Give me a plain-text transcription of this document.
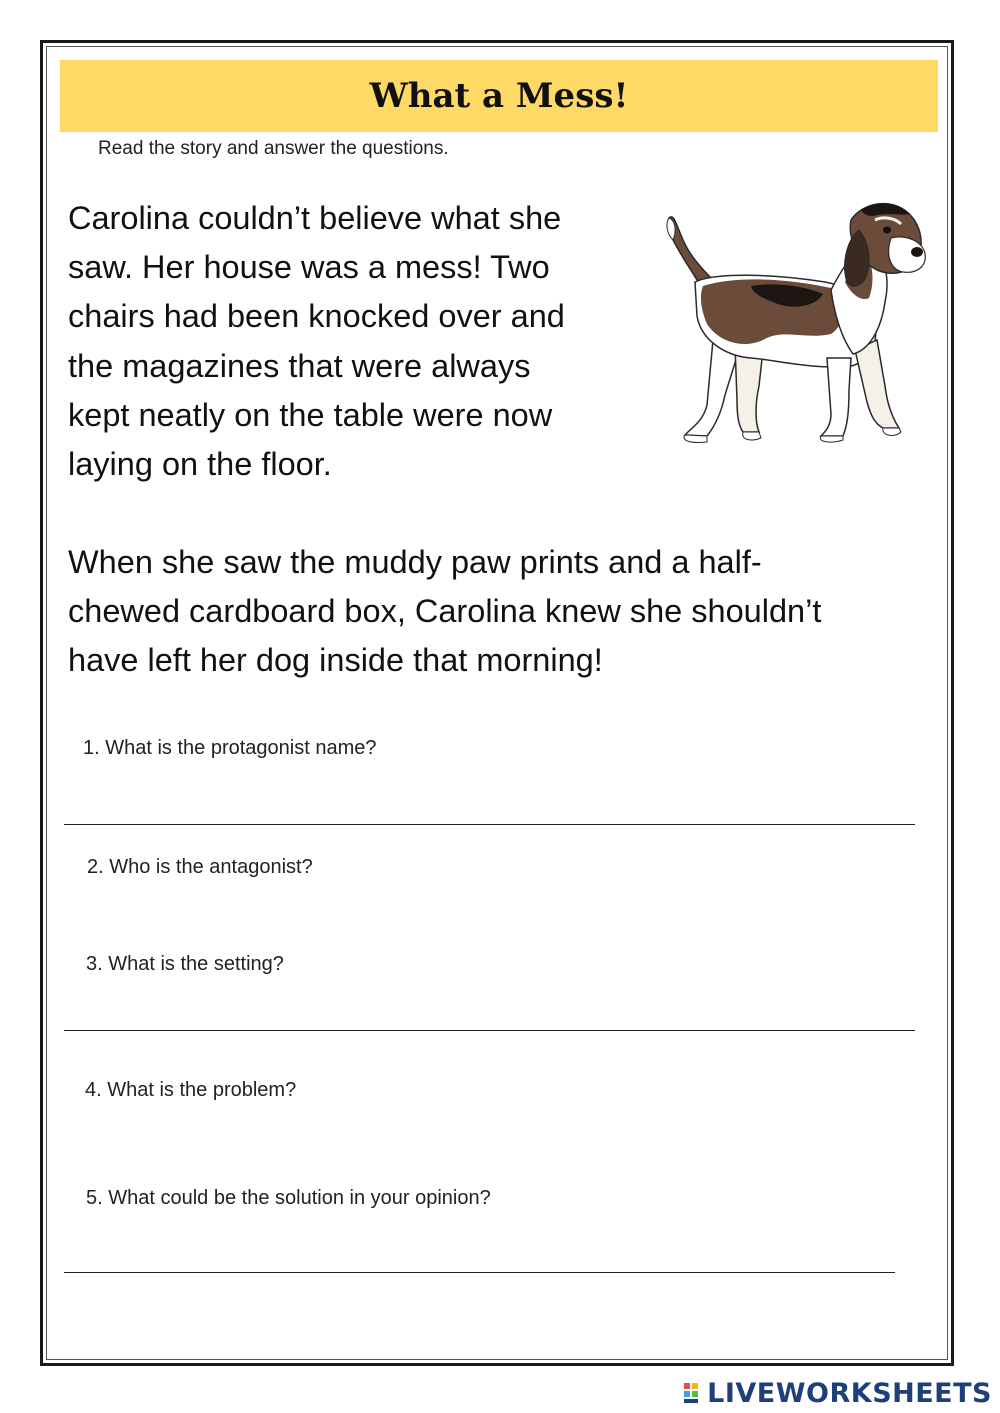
What a Mess!
Read the story and answer the questions.
Carolina couldn’t believe what she
saw. Her house was a mess! Two
chairs had been knocked over and
the magazines that were always
kept neatly on the table were now
laying on the floor.
When she saw the muddy paw prints and a half-
chewed cardboard box, Carolina knew she shouldn’t
have left her dog inside that morning!
1. What is the protagonist name?
2. Who is the antagonist?
3. What is the setting?
4. What is the problem?
5. What could be the solution in your opinion?
LIVEWORKSHEETS
